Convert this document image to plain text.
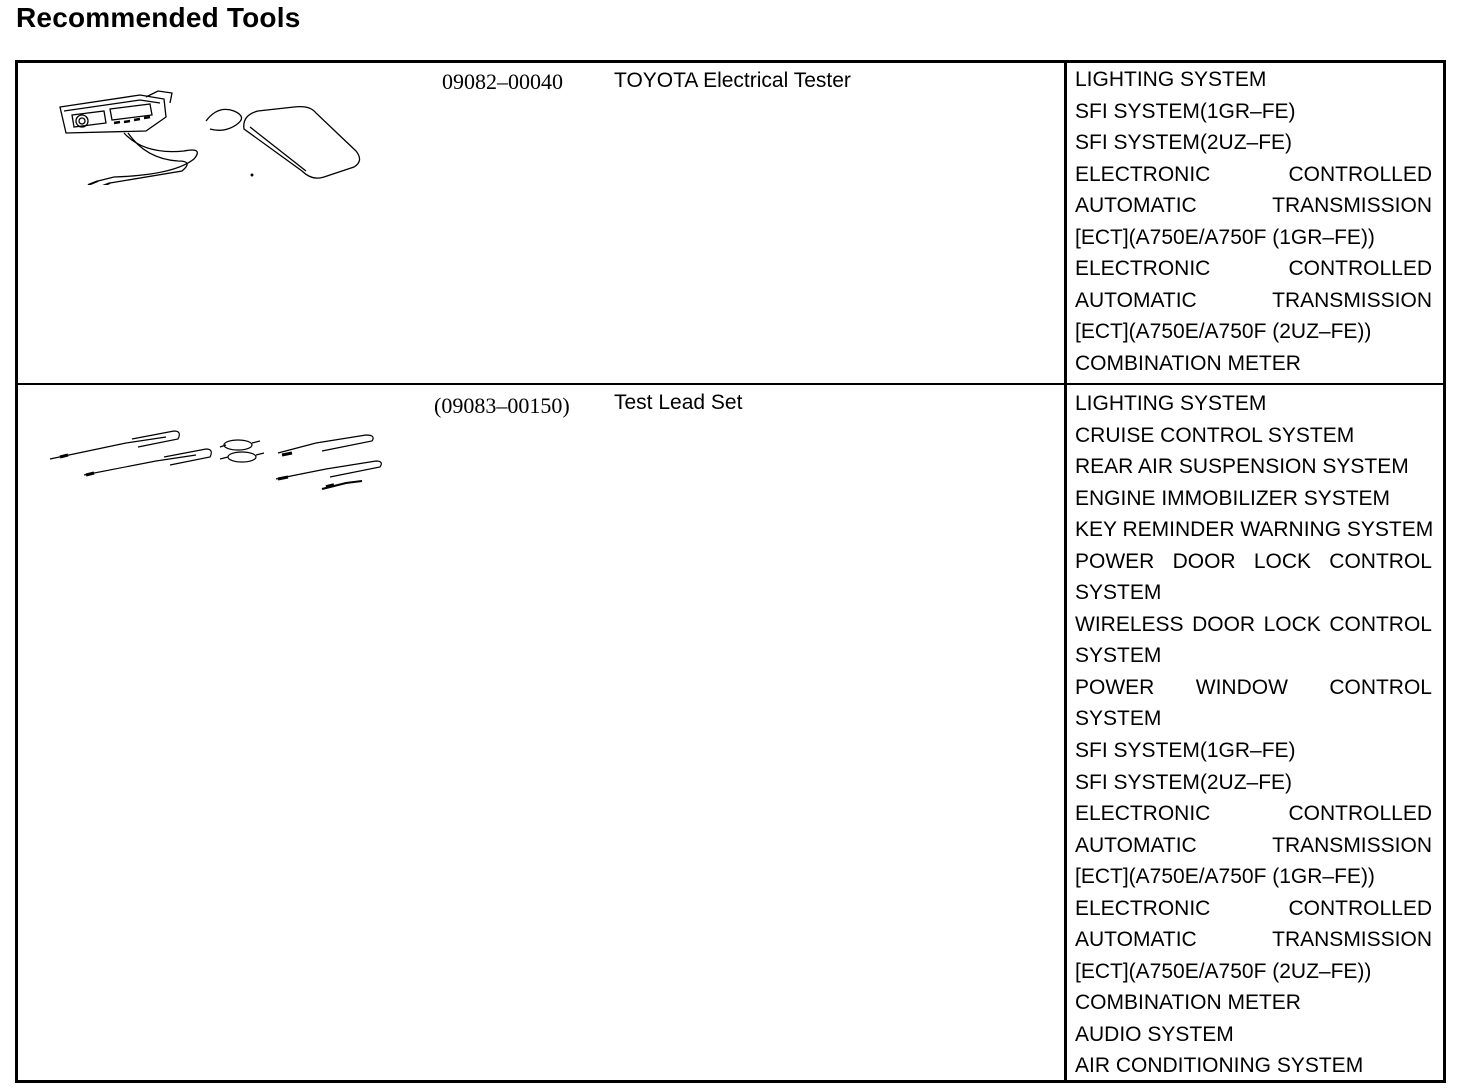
Recommended Tools
09082–00040 TOYOTA Electrical Tester	LIGHTING SYSTEM
SFI SYSTEM(1GR–FE)
SFI SYSTEM(2UZ–FE)
ELECTRONIC	CONTROLLED
AUTOMATIC	TRANSMISSION
[ECT](A750E/A750F (1GR–FE))
ELECTRONIC	CONTROLLED
AUTOMATIC	TRANSMISSION
[ECT](A750E/A750F (2UZ–FE))
COMBINATION METER
(09083–00150) Test Lead Set	LIGHTING SYSTEM
CRUISE CONTROL SYSTEM
REAR AIR SUSPENSION SYSTEM
ENGINE IMMOBILIZER SYSTEM
KEY REMINDER WARNING SYSTEM
POWER DOOR LOCK CONTROL
SYSTEM
WIRELESS DOOR LOCK CONTROL
SYSTEM
POWER WINDOW CONTROL
SYSTEM
SFI SYSTEM(1GR–FE)
SFI SYSTEM(2UZ–FE)
ELECTRONIC	CONTROLLED
AUTOMATIC	TRANSMISSION
[ECT](A750E/A750F (1GR–FE))
ELECTRONIC	CONTROLLED
AUTOMATIC	TRANSMISSION
[ECT](A750E/A750F (2UZ–FE))
COMBINATION METER
AUDIO SYSTEM
AIR CONDITIONING SYSTEM
